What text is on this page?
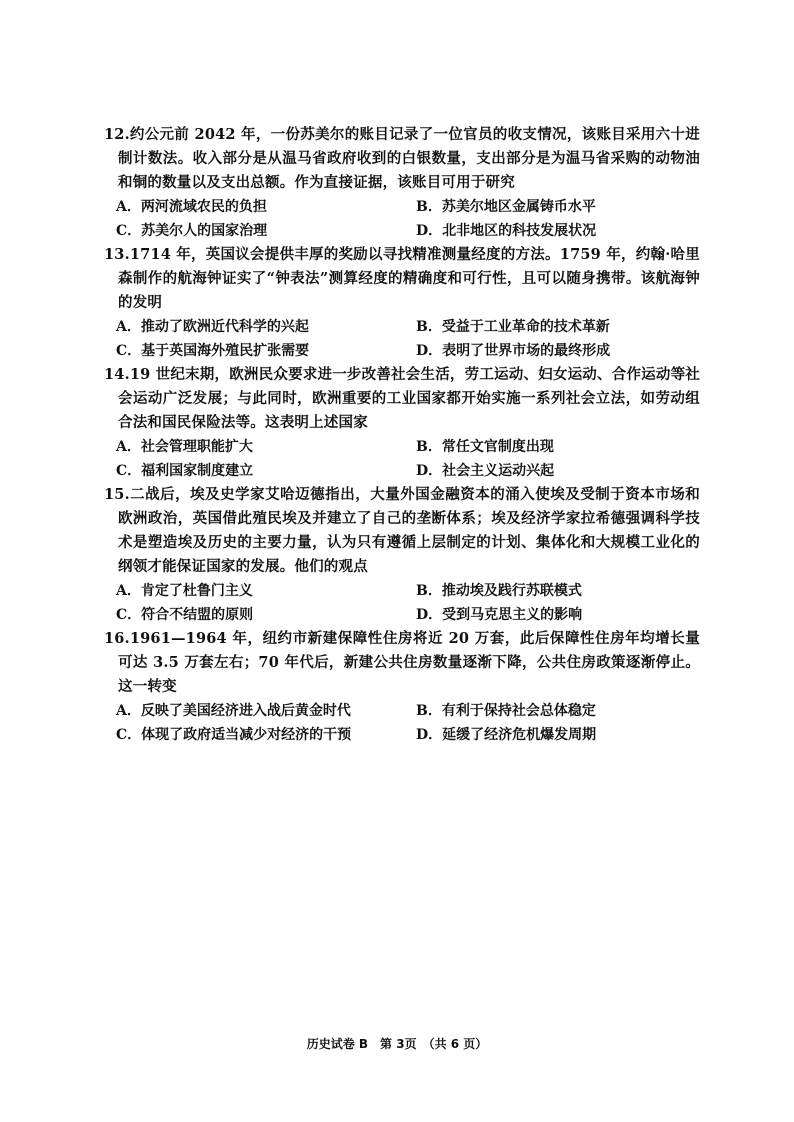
12.约公元前 2042 年，一份苏美尔的账目记录了一位官员的收支情况，该账目采用六十进制计数法。收入部分是从温马省政府收到的白银数量，支出部分是为温马省采购的动物油和铜的数量以及支出总额。作为直接证据，该账目可用于研究

A．两河流域农民的负担	B．苏美尔地区金属铸币水平
C．苏美尔人的国家治理	D．北非地区的科技发展状况

13.1714 年，英国议会提供丰厚的奖励以寻找精准测量经度的方法。1759 年，约翰·哈里森制作的航海钟证实了“钟表法”测算经度的精确度和可行性，且可以随身携带。该航海钟的发明

A．推动了欧洲近代科学的兴起	B．受益于工业革命的技术革新
C．基于英国海外殖民扩张需要	D．表明了世界市场的最终形成

14.19 世纪末期，欧洲民众要求进一步改善社会生活，劳工运动、妇女运动、合作运动等社会运动广泛发展；与此同时，欧洲重要的工业国家都开始实施一系列社会立法，如劳动组合法和国民保险法等。这表明上述国家

A．社会管理职能扩大	B．常任文官制度出现
C．福利国家制度建立	D．社会主义运动兴起

15.二战后，埃及史学家艾哈迈德指出，大量外国金融资本的涌入使埃及受制于资本市场和欧洲政治，英国借此殖民埃及并建立了自己的垄断体系；埃及经济学家拉希德强调科学技术是塑造埃及历史的主要力量，认为只有遵循上层制定的计划、集体化和大规模工业化的纲领才能保证国家的发展。他们的观点

A．肯定了杜鲁门主义	B．推动埃及践行苏联模式
C．符合不结盟的原则	D．受到马克思主义的影响

16.1961—1964 年，纽约市新建保障性住房将近 20 万套，此后保障性住房年均增长量可达 3.5 万套左右；70 年代后，新建公共住房数量逐渐下降，公共住房政策逐渐停止。这一转变

A．反映了美国经济进入战后黄金时代	B．有利于保持社会总体稳定
C．体现了政府适当减少对经济的干预	D．延缓了经济危机爆发周期
历史试卷 B　第 3页　（共 6 页）
